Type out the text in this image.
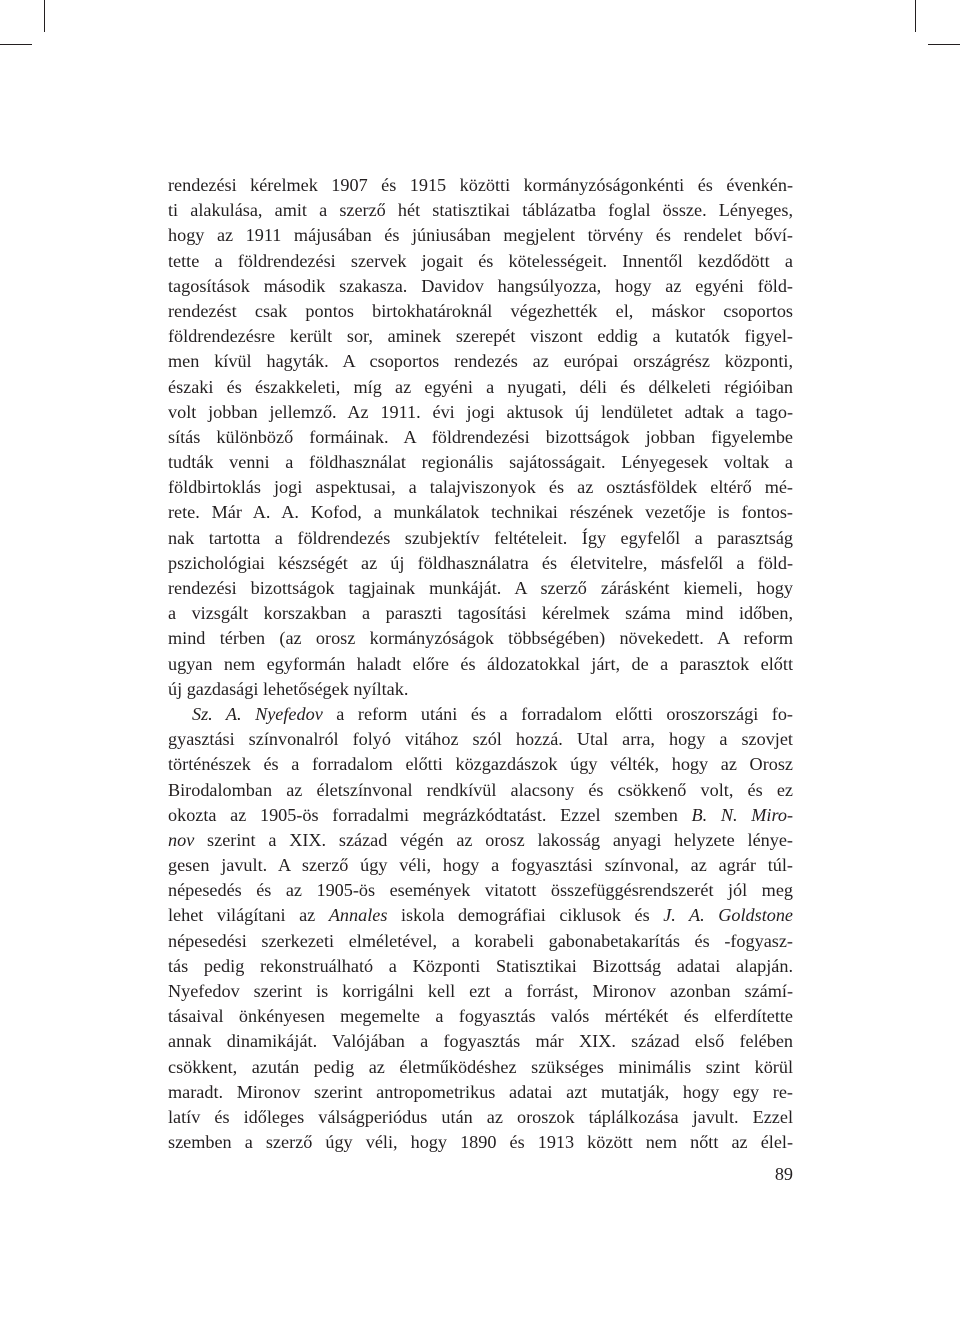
rendezési kérelmek 1907 és 1915 közötti kormányzóságonkénti és évenkén-
ti alakulása, amit a szerző hét statisztikai táblázatba foglal össze. Lényeges,
hogy az 1911 májusában és júniusában megjelent törvény és rendelet bőví-
tette a földrendezési szervek jogait és kötelességeit. Innentől kezdődött a
tagosítások második szakasza. Davidov hangsúlyozza, hogy az egyéni föld-
rendezést csak pontos birtokhatároknál végezhették el, máskor csoportos
földrendezésre került sor, aminek szerepét viszont eddig a kutatók figyel-
men kívül hagyták. A csoportos rendezés az európai országrész központi,
északi és északkeleti, míg az egyéni a nyugati, déli és délkeleti régióiban
volt jobban jellemző. Az 1911. évi jogi aktusok új lendületet adtak a tago-
sítás különböző formáinak. A földrendezési bizottságok jobban figyelembe
tudták venni a földhasználat regionális sajátosságait. Lényegesek voltak a
földbirtoklás jogi aspektusai, a talajviszonyok és az osztásföldek eltérő mé-
rete. Már A. A. Kofod, a munkálatok technikai részének vezetője is fontos-
nak tartotta a földrendezés szubjektív feltételeit. Így egyfelől a parasztság
pszichológiai készségét az új földhasználatra és életvitelre, másfelől a föld-
rendezési bizottságok tagjainak munkáját. A szerző zárásként kiemeli, hogy
a vizsgált korszakban a paraszti tagosítási kérelmek száma mind időben,
mind térben (az orosz kormányzóságok többségében) növekedett. A reform
ugyan nem egyformán haladt előre és áldozatokkal járt, de a parasztok előtt
új gazdasági lehetőségek nyíltak.
Sz. A. Nyefedov a reform utáni és a forradalom előtti oroszországi fo-
gyasztási színvonalról folyó vitához szól hozzá. Utal arra, hogy a szovjet
történészek és a forradalom előtti közgazdászok úgy vélték, hogy az Orosz
Birodalomban az életszínvonal rendkívül alacsony és csökkenő volt, és ez
okozta az 1905-ös forradalmi megrázkódtatást. Ezzel szemben B. N. Miro-
nov szerint a XIX. század végén az orosz lakosság anyagi helyzete lénye-
gesen javult. A szerző úgy véli, hogy a fogyasztási színvonal, az agrár túl-
népesedés és az 1905-ös események vitatott összefüggésrendszerét jól meg
lehet világítani az Annales iskola demográfiai ciklusok és J. A. Goldstone
népesedési szerkezeti elméletével, a korabeli gabonabetakarítás és -fogyasz-
tás pedig rekonstruálható a Központi Statisztikai Bizottság adatai alapján.
Nyefedov szerint is korrigálni kell ezt a forrást, Mironov azonban számí-
tásaival önkényesen megemelte a fogyasztás valós mértékét és elferdítette
annak dinamikáját. Valójában a fogyasztás már XIX. század első felében
csökkent, azután pedig az életműködéshez szükséges minimális szint körül
maradt. Mironov szerint antropometrikus adatai azt mutatják, hogy egy re-
latív és időleges válságperiódus után az oroszok táplálkozása javult. Ezzel
szemben a szerző úgy véli, hogy 1890 és 1913 között nem nőtt az élel-
89
